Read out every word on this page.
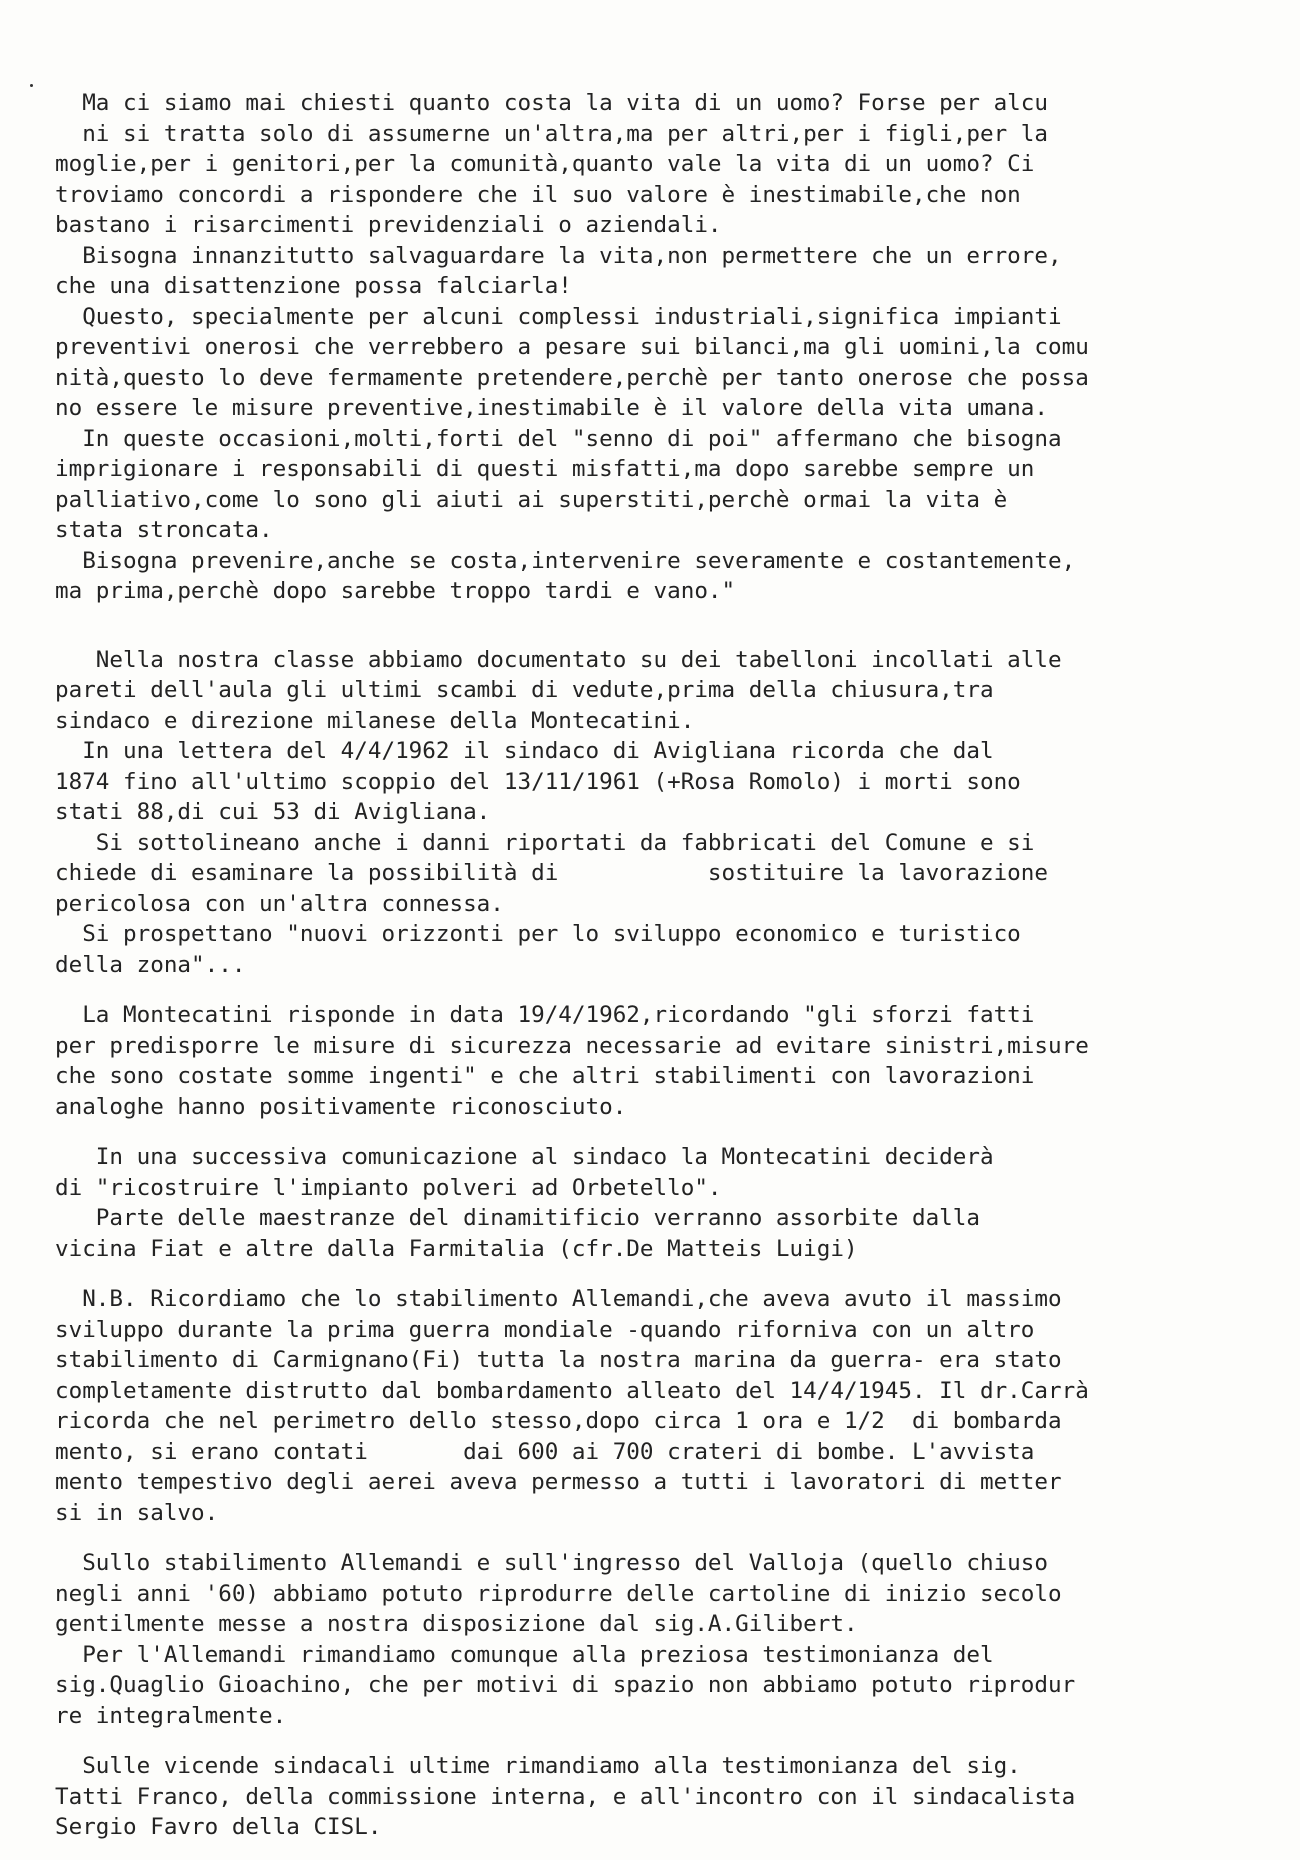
Ma ci siamo mai chiesti quanto costa la vita di un uomo? Forse per alcu
ni si tratta solo di assumerne un'altra,ma per altri,per i figli,per la
moglie,per i genitori,per la comunità,quanto vale la vita di un uomo? Ci
troviamo concordi a rispondere che il suo valore è inestimabile,che non
bastano i risarcimenti previdenziali o aziendali.
Bisogna innanzitutto salvaguardare la vita,non permettere che un errore,
che una disattenzione possa falciarla!
Questo, specialmente per alcuni complessi industriali,significa impianti
preventivi onerosi che verrebbero a pesare sui bilanci,ma gli uomini,la comu
nità,questo lo deve fermamente pretendere,perchè per tanto onerose che possa
no essere le misure preventive,inestimabile è il valore della vita umana.
In queste occasioni,molti,forti del "senno di poi" affermano che bisogna
imprigionare i responsabili di questi misfatti,ma dopo sarebbe sempre un
palliativo,come lo sono gli aiuti ai superstiti,perchè ormai la vita è
stata stroncata.
Bisogna prevenire,anche se costa,intervenire severamente e costantemente,
ma prima,perchè dopo sarebbe troppo tardi e vano."
Nella nostra classe abbiamo documentato su dei tabelloni incollati alle
pareti dell'aula gli ultimi scambi di vedute,prima della chiusura,tra
sindaco e direzione milanese della Montecatini.
In una lettera del 4/4/1962 il sindaco di Avigliana ricorda che dal
1874 fino all'ultimo scoppio del 13/11/1961 (+Rosa Romolo) i morti sono
stati 88,di cui 53 di Avigliana.
Si sottolineano anche i danni riportati da fabbricati del Comune e si
chiede di esaminare la possibilità di           sostituire la lavorazione
pericolosa con un'altra connessa.
Si prospettano "nuovi orizzonti per lo sviluppo economico e turistico
della zona"...
La Montecatini risponde in data 19/4/1962,ricordando "gli sforzi fatti
per predisporre le misure di sicurezza necessarie ad evitare sinistri,misure
che sono costate somme ingenti" e che altri stabilimenti con lavorazioni
analoghe hanno positivamente riconosciuto.
In una successiva comunicazione al sindaco la Montecatini deciderà
di "ricostruire l'impianto polveri ad Orbetello".
Parte delle maestranze del dinamitificio verranno assorbite dalla
vicina Fiat e altre dalla Farmitalia (cfr.De Matteis Luigi)
N.B. Ricordiamo che lo stabilimento Allemandi,che aveva avuto il massimo
sviluppo durante la prima guerra mondiale -quando riforniva con un altro
stabilimento di Carmignano(Fi) tutta la nostra marina da guerra- era stato
completamente distrutto dal bombardamento alleato del 14/4/1945. Il dr.Carrà
ricorda che nel perimetro dello stesso,dopo circa 1 ora e 1/2  di bombarda
mento, si erano contati       dai 600 ai 700 crateri di bombe. L'avvista
mento tempestivo degli aerei aveva permesso a tutti i lavoratori di metter
si in salvo.
Sullo stabilimento Allemandi e sull'ingresso del Valloja (quello chiuso
negli anni '60) abbiamo potuto riprodurre delle cartoline di inizio secolo
gentilmente messe a nostra disposizione dal sig.A.Gilibert.
Per l'Allemandi rimandiamo comunque alla preziosa testimonianza del
sig.Quaglio Gioachino, che per motivi di spazio non abbiamo potuto riprodur
re integralmente.
Sulle vicende sindacali ultime rimandiamo alla testimonianza del sig.
Tatti Franco, della commissione interna, e all'incontro con il sindacalista
Sergio Favro della CISL.
